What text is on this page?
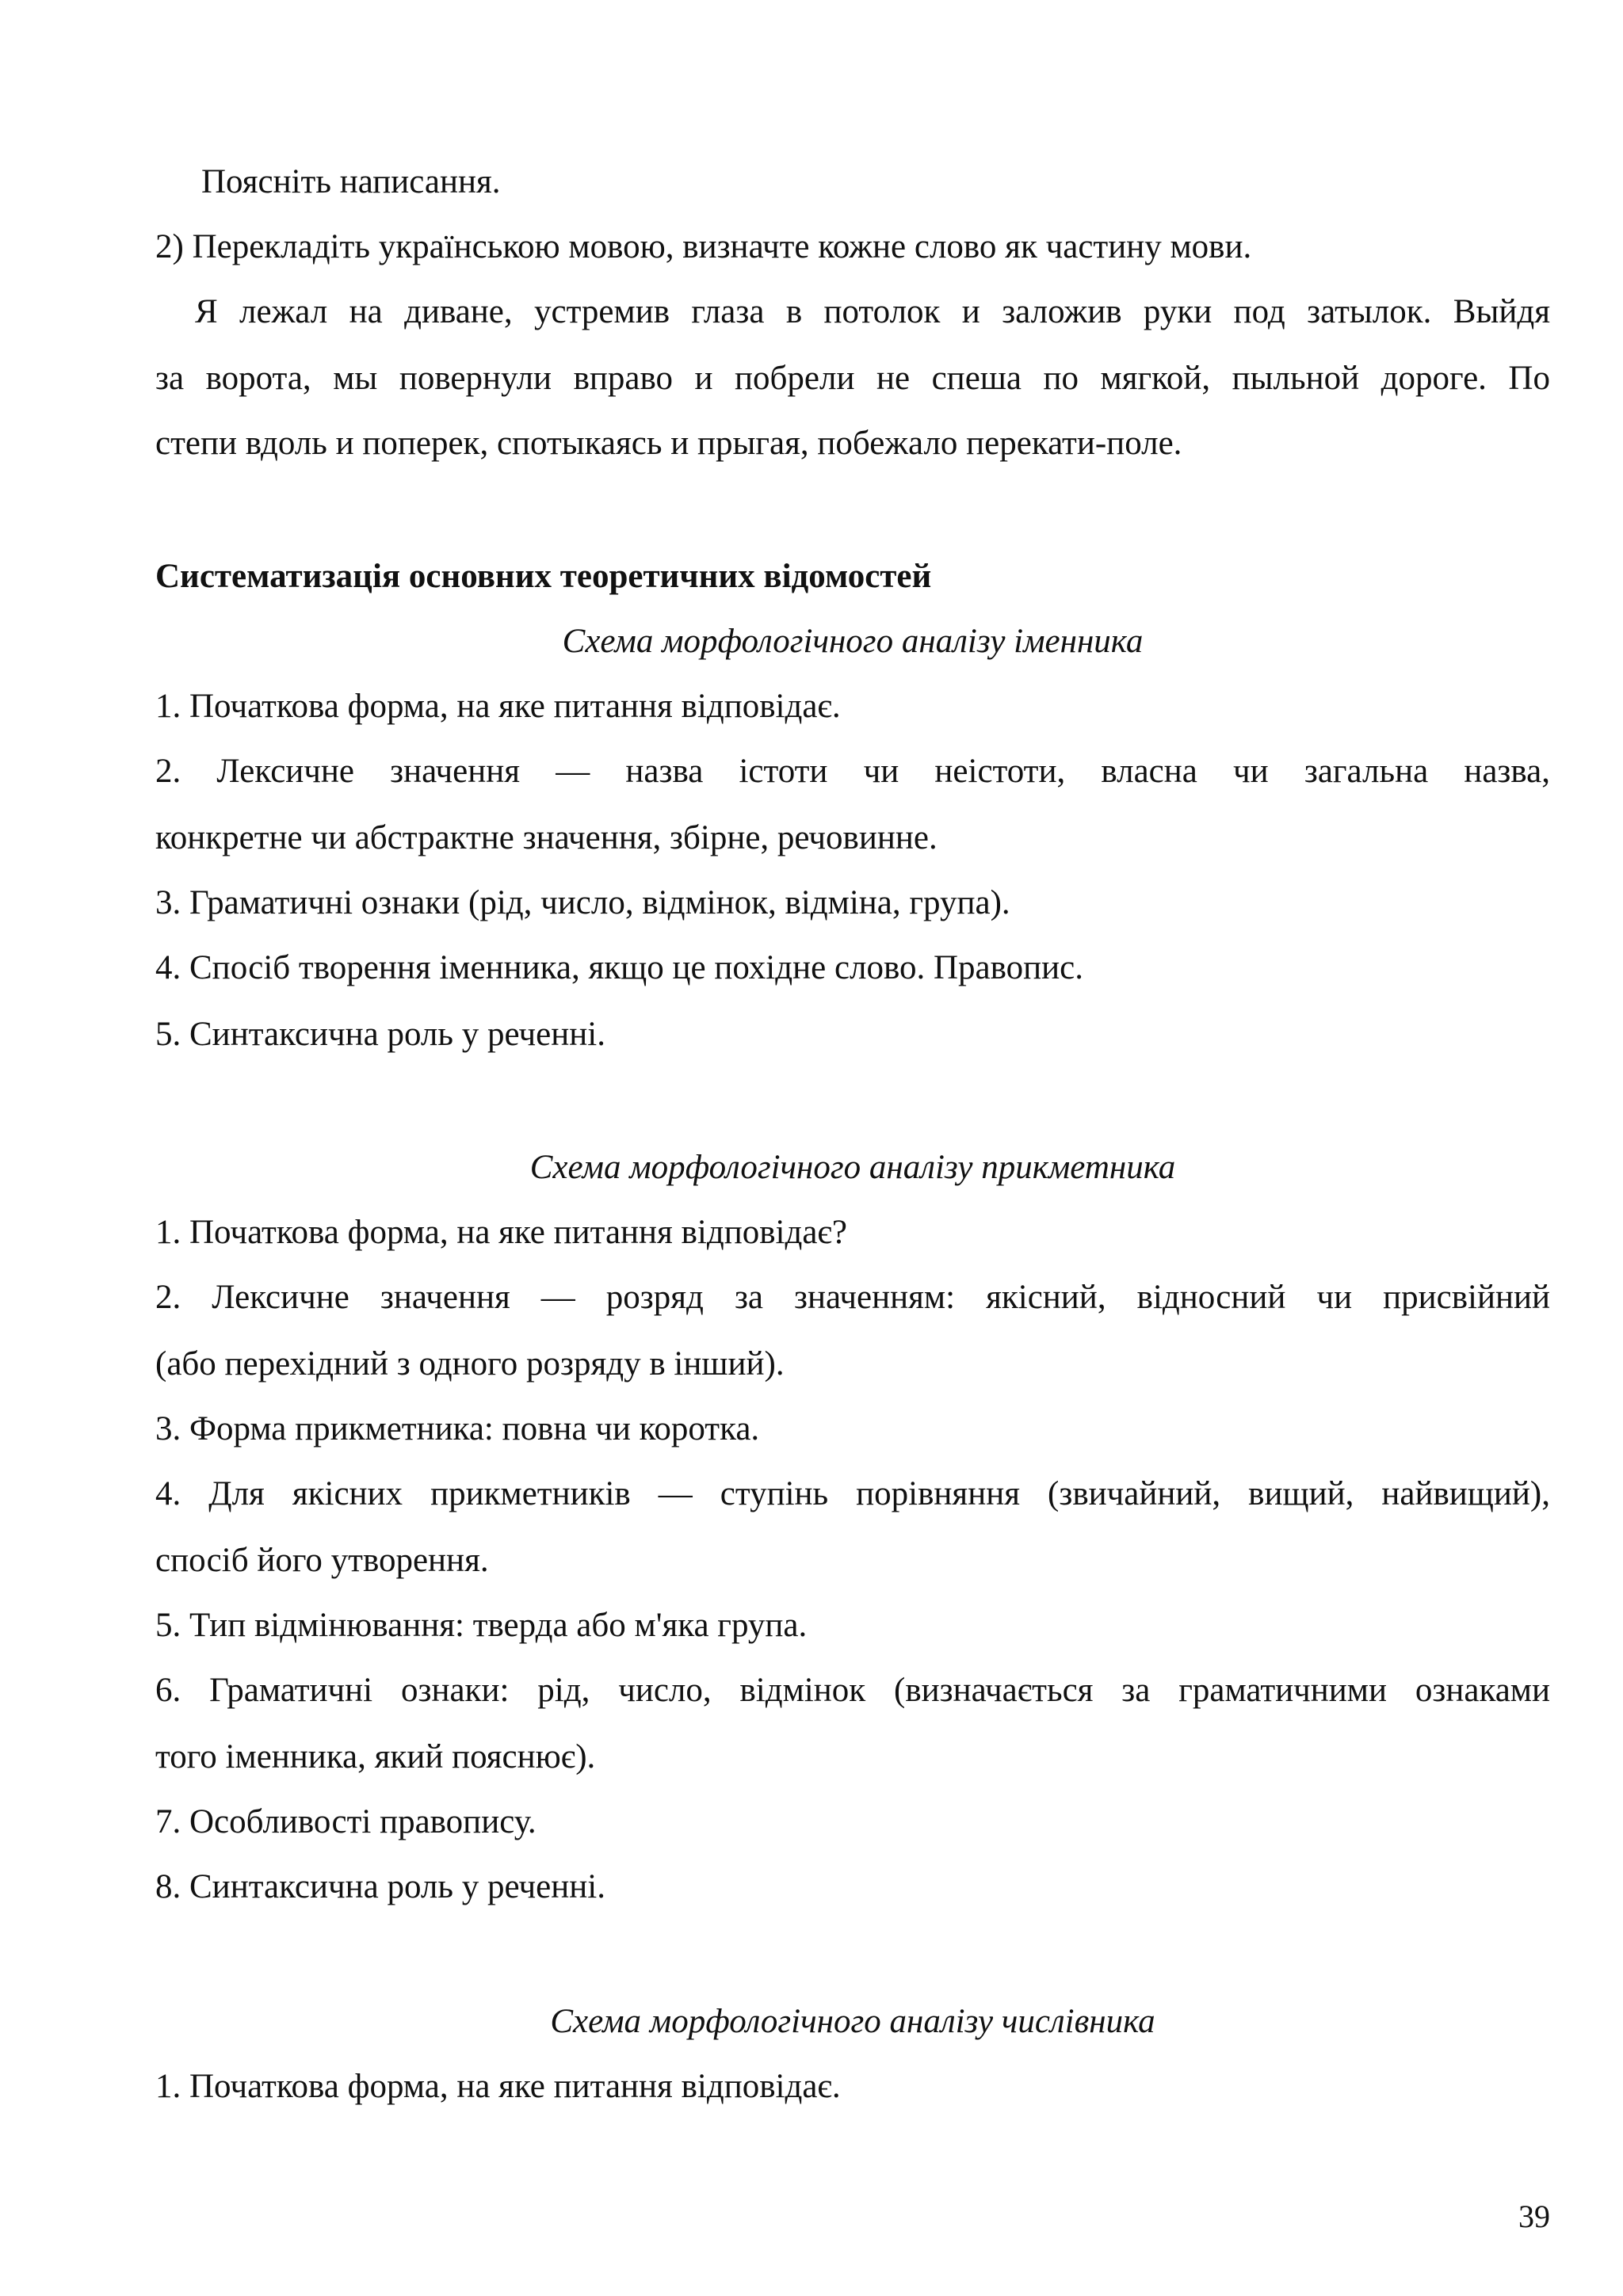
Поясніть написання.
2) Перекладіть українською мовою, визначте кожне слово як частину мови.
Я лежал на диване, устремив глаза в потолок и заложив руки под затылок. Выйдя
за ворота, мы повернули вправо и побрели не спеша по мягкой, пыльной дороге. По
степи вдоль и поперек, спотыкаясь и прыгая, побежало перекати-поле.
Систематизація основних теоретичних відомостей
Схема морфологічного аналізу іменника
1. Початкова форма, на яке питання відповідає.
2. Лексичне значення — назва істоти чи неістоти, власна чи загальна назва,
конкретне чи абстрактне значення, збірне, речовинне.
3. Граматичні ознаки (рід, число, відмінок, відміна, група).
4. Спосіб творення іменника, якщо це похідне слово. Правопис.
5. Синтаксична роль у реченні.
Схема морфологічного аналізу прикметника
1. Початкова форма, на яке питання відповідає?
2. Лексичне значення — розряд за значенням: якісний, відносний чи присвійний
(або перехідний з одного розряду в інший).
3. Форма прикметника: повна чи коротка.
4. Для якісних прикметників — ступінь порівняння (звичайний, вищий, найвищий),
спосіб його утворення.
5. Тип відмінювання: тверда або м'яка група.
6. Граматичні ознаки: рід, число, відмінок (визначається за граматичними ознаками
того іменника, який пояснює).
7. Особливості правопису.
8. Синтаксична роль у реченні.
Схема морфологічного аналізу числівника
1. Початкова форма, на яке питання відповідає.
39
